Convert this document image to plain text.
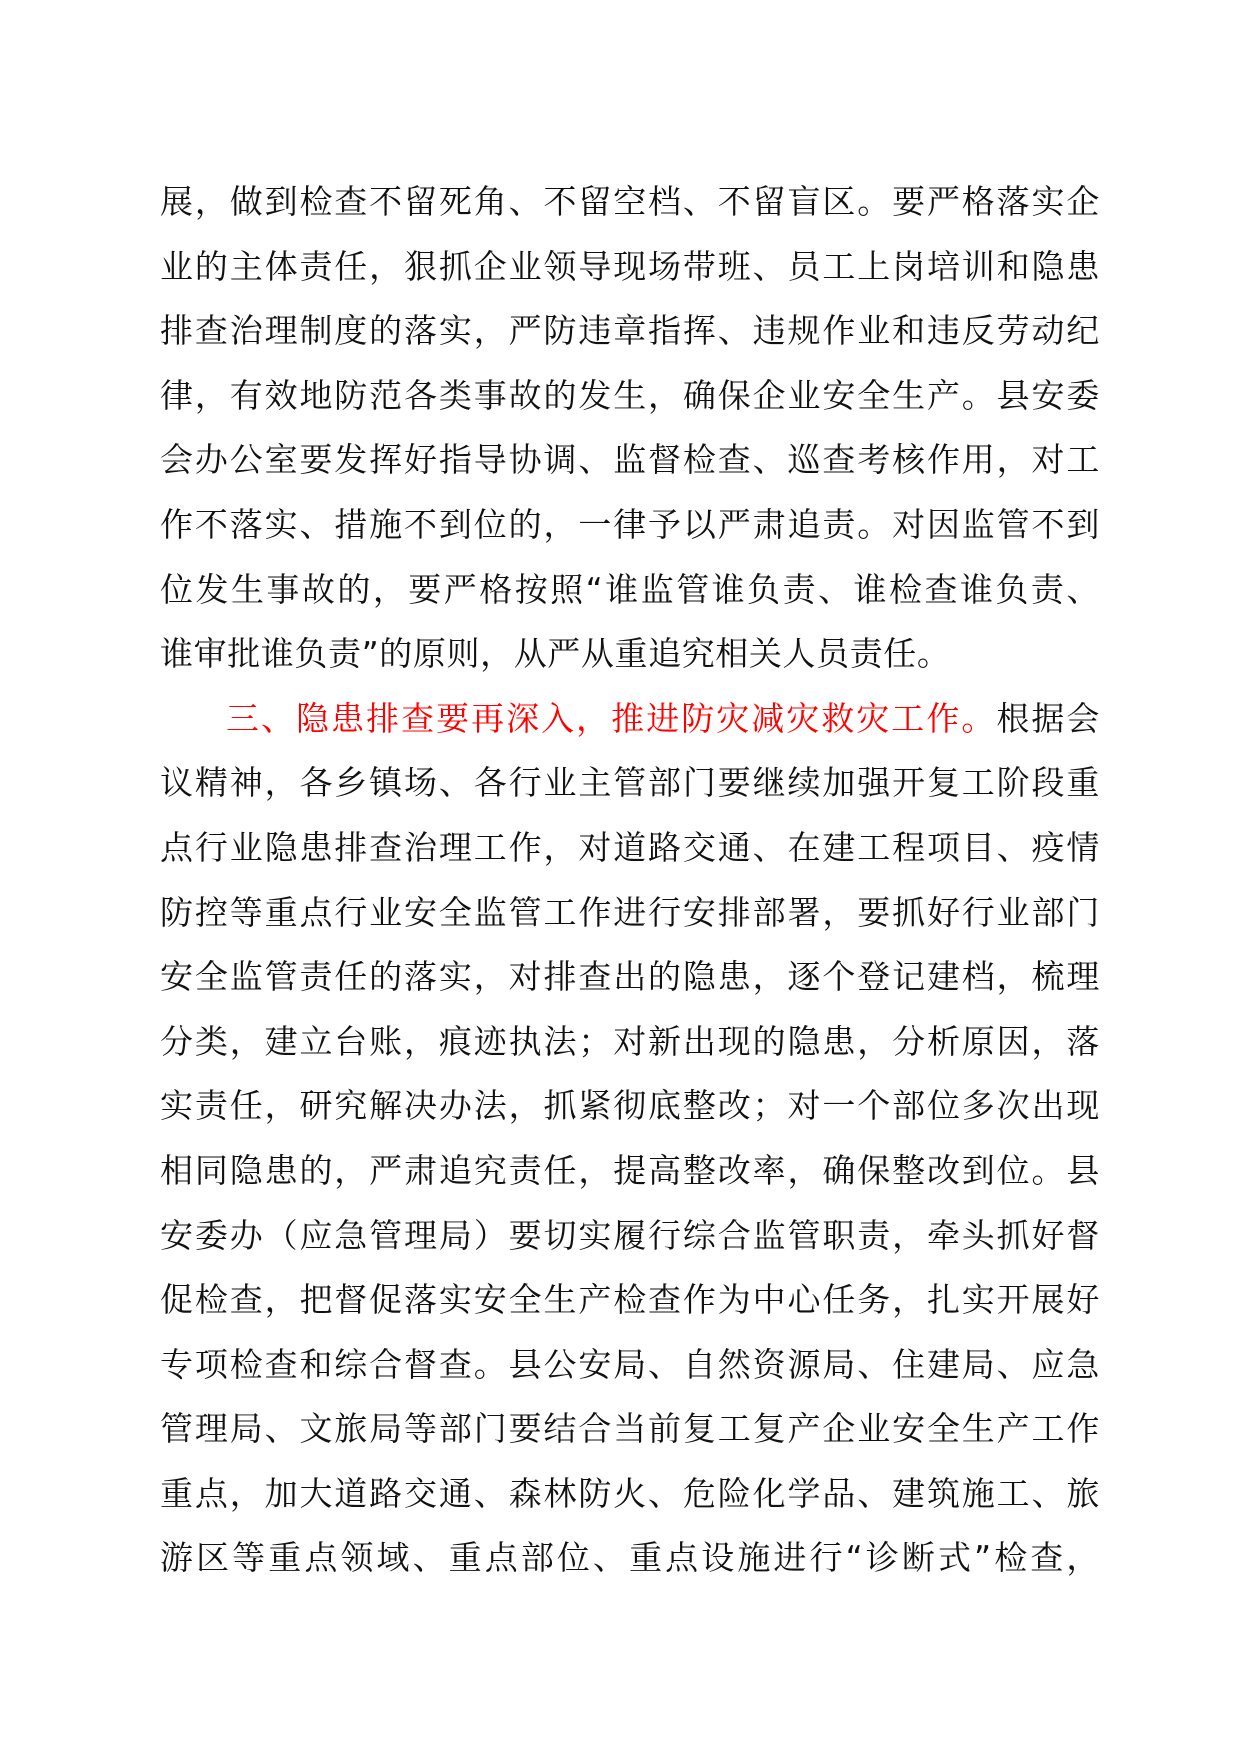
展，做到检查不留死角、不留空档、不留盲区。要严格落实企
业的主体责任，狠抓企业领导现场带班、员工上岗培训和隐患
排查治理制度的落实，严防违章指挥、违规作业和违反劳动纪
律，有效地防范各类事故的发生，确保企业安全生产。县安委
会办公室要发挥好指导协调、监督检查、巡查考核作用，对工
作不落实、措施不到位的，一律予以严肃追责。对因监管不到
位发生事故的，要严格按照“谁监管谁负责、谁检查谁负责、
谁审批谁负责”的原则，从严从重追究相关人员责任。
三、隐患排查要再深入，推进防灾减灾救灾工作。根据会
议精神，各乡镇场、各行业主管部门要继续加强开复工阶段重
点行业隐患排查治理工作，对道路交通、在建工程项目、疫情
防控等重点行业安全监管工作进行安排部署，要抓好行业部门
安全监管责任的落实，对排查出的隐患，逐个登记建档，梳理
分类，建立台账，痕迹执法；对新出现的隐患，分析原因，落
实责任，研究解决办法，抓紧彻底整改；对一个部位多次出现
相同隐患的，严肃追究责任，提高整改率，确保整改到位。县
安委办（应急管理局）要切实履行综合监管职责，牵头抓好督
促检查，把督促落实安全生产检查作为中心任务，扎实开展好
专项检查和综合督查。县公安局、自然资源局、住建局、应急
管理局、文旅局等部门要结合当前复工复产企业安全生产工作
重点，加大道路交通、森林防火、危险化学品、建筑施工、旅
游区等重点领域、重点部位、重点设施进行“诊断式”检查，
